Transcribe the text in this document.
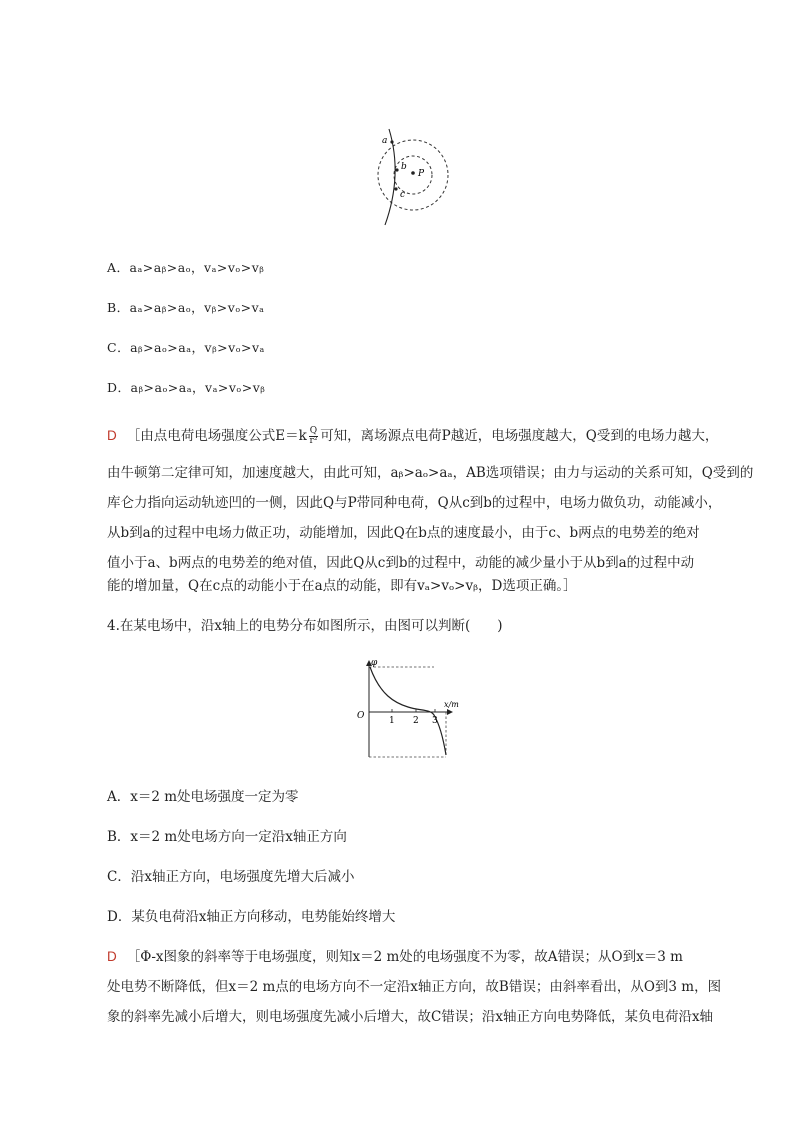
a
b
c
P
A．aₐ>aᵦ>aₒ，vₐ>vₒ>vᵦ
B．aₐ>aᵦ>aₒ，vᵦ>vₒ>vₐ
C．aᵦ>aₒ>aₐ，vᵦ>vₒ>vₐ
D．aᵦ>aₒ>aₐ，vₐ>vₒ>vᵦ
D ［由点电荷电场强度公式$E=k \frac{Q}{\text{r²}}$ 可知，离场源点电荷P越近，电场强度越大，Q受到的电场力越大，
由牛顿第二定律可知，加速度越大，由此可知，aᵦ>aₒ>aₐ，AB选项错误；由力与运动的关系可知，Q受到的
库仑力指向运动轨迹凹的一侧，因此Q与P带同种电荷，Q从c到b的过程中，电场力做负功，动能减小，
从b到a的过程中电场力做正功，动能增加，因此Q在b点的速度最小，由于c、b两点的电势差的绝对
值小于a、b两点的电势差的绝对值，因此Q从c到b的过程中，动能的减少量小于从b到a的过程中动
能的增加量，Q在c点的动能小于在a点的动能，即有vₐ>vₒ>vᵦ，D选项正确。］
4.在某电场中，沿x轴上的电势分布如图所示，由图可以判断(　　)
φ
x/m
O	1 2 3
A．x＝2 m处电场强度一定为零
B．x＝2 m处电场方向一定沿x轴正方向
C．沿x轴正方向，电场强度先增大后减小
D．某负电荷沿x轴正方向移动，电势能始终增大
D ［Φ-x图象的斜率等于电场强度，则知x＝2 m处的电场强度不为零，故A错误；从O到x＝3 m
处电势不断降低，但x＝2 m点的电场方向不一定沿x轴正方向，故B错误；由斜率看出，从O到3 m，图
象的斜率先减小后增大，则电场强度先减小后增大，故C错误；沿x轴正方向电势降低，某负电荷沿x轴
